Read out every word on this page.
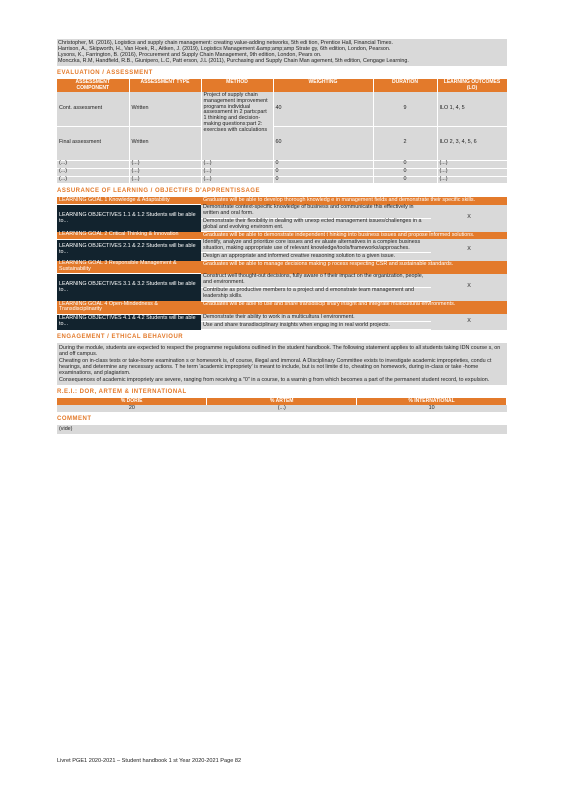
Christopher, M. (2016), Logistics and supply chain management: creating value-adding networks, 5th edi tion, Prentice Hall, Financial Times.
Harrison, A., Skipworth, H., Van Hoek, R., Aitken, J. (2019), Logistics Management &amp;amp;amp Strate gy, 6th edition, London, Pearson.
Lysons, K., Farrington, B. (2016), Procurement and Supply Chain Management, 9th edition, London, Pears on.
Monczka, R.M, Handfield, R.B., Giunipero, L.C, Patt erson, J.L (2011), Purchasing and Supply Chain Man agement, 5th edition, Cengage Learning.
EVALUATION / ASSESSMENT
ASSESSMENT COMPONENT	ASSESSMENT TYPE	METHOD	WEIGHTING	DURATION	LEARNING OUTCOMES (LO)
Cont. assessment	Written	Project of supply chain management improvement programs individual assessment in 2 parts:part 1 thinking and decision-making questions:part 2: exercises with calculations	40	9	ILO 1, 4, 5
Final assessment	Written		60	2	ILO 2, 3, 4, 5, 6
(...)	(...)	(...)	0	0	(...)
(...)	(...)	(...)	0	0	(...)
(...)	(...)	(...)	0	0	(...)
ASSURANCE OF LEARNING / OBJECTIFS D'APPRENTISSAGE
LEARNING GOAL 1 Knowledge & Adaptability	Graduates will be able to develop thorough knowledg e in management fields and demonstrate their specific skills.	
LEARNING OBJECTIVES 1.1 & 1.2 Students will be able to...	Demonstrate context-specific knowledge of business and communicate this effectively in written and oral form.	X
	Demonstrate their flexibility in dealing with unexp ected management issues/challenges in a global and evolving environm ent.	
LEARNING GOAL 2 Critical Thinking & Innovation	Graduates will be able to demonstrate independent t hinking into business issues and propose informed solutions.	
LEARNING OBJECTIVES 2.1 & 2.2 Students will be able to...	Identify, analyze and prioritize core issues and ev aluate alternatives in a complex business situation, making appropriate use of relevant knowledge/tools/frameworks/approaches.	X
	Design an appropriate and informed creative reasoning solution to a given issue.	
LEARNING GOAL 3 Responsible Management & Sustainability	Graduates will be able to manage decisions making p rocess respecting CSR and sustainable standards.	
LEARNING OBJECTIVES 3.1 & 3.2 Students will be able to...	Construct well thought-out decisions, fully aware o f their impact on the organization, people, and environment.	X
	Contribute as productive members to a project and d emonstrate team management and leadership skills.	
LEARNING GOAL 4 Open-Mindedness & Transdisciplinarity	Graduates will be able to use and share transdiscip linary insight and integrate multicultural environments.	
LEARNING OBJECTIVES 4.1 & 4.2 Students will be able to...	Demonstrate their ability to work in a multicultura l environment.	X
	Use and share transdisciplinary insights when engag ing in real world projects.	
ENGAGEMENT / ETHICAL BEHAVIOUR

During the module, students are expected to respect the programme regulations outlined in the student handbook. The following statement applies to all students taking IDN course s, on and off campus.

Cheating on in-class tests or take-home examination s or homework is, of course, illegal and immoral. A Disciplinary Committee exists to investigate academic improprieties, condu ct hearings, and determine any necessary actions. T he term 'academic impropriety' is meant to include, but is not limite d to, cheating on homework, during in-class or take -home examinations, and plagiarism.

Consequences of academic impropriety are severe, ranging from receiving a "0" in a course, to a warnin g from which becomes a part of the permanent student record, to expulsion.

R.E.I.: DOR, ARTEM & INTERNATIONAL
% DORIE	% ARTEM	% INTERNATIONAL
20	(...)	10
COMMENT
(vide)
Livret PGE1 2020-2021 – Student handbook 1 st Year 2020-2021 Page 82
